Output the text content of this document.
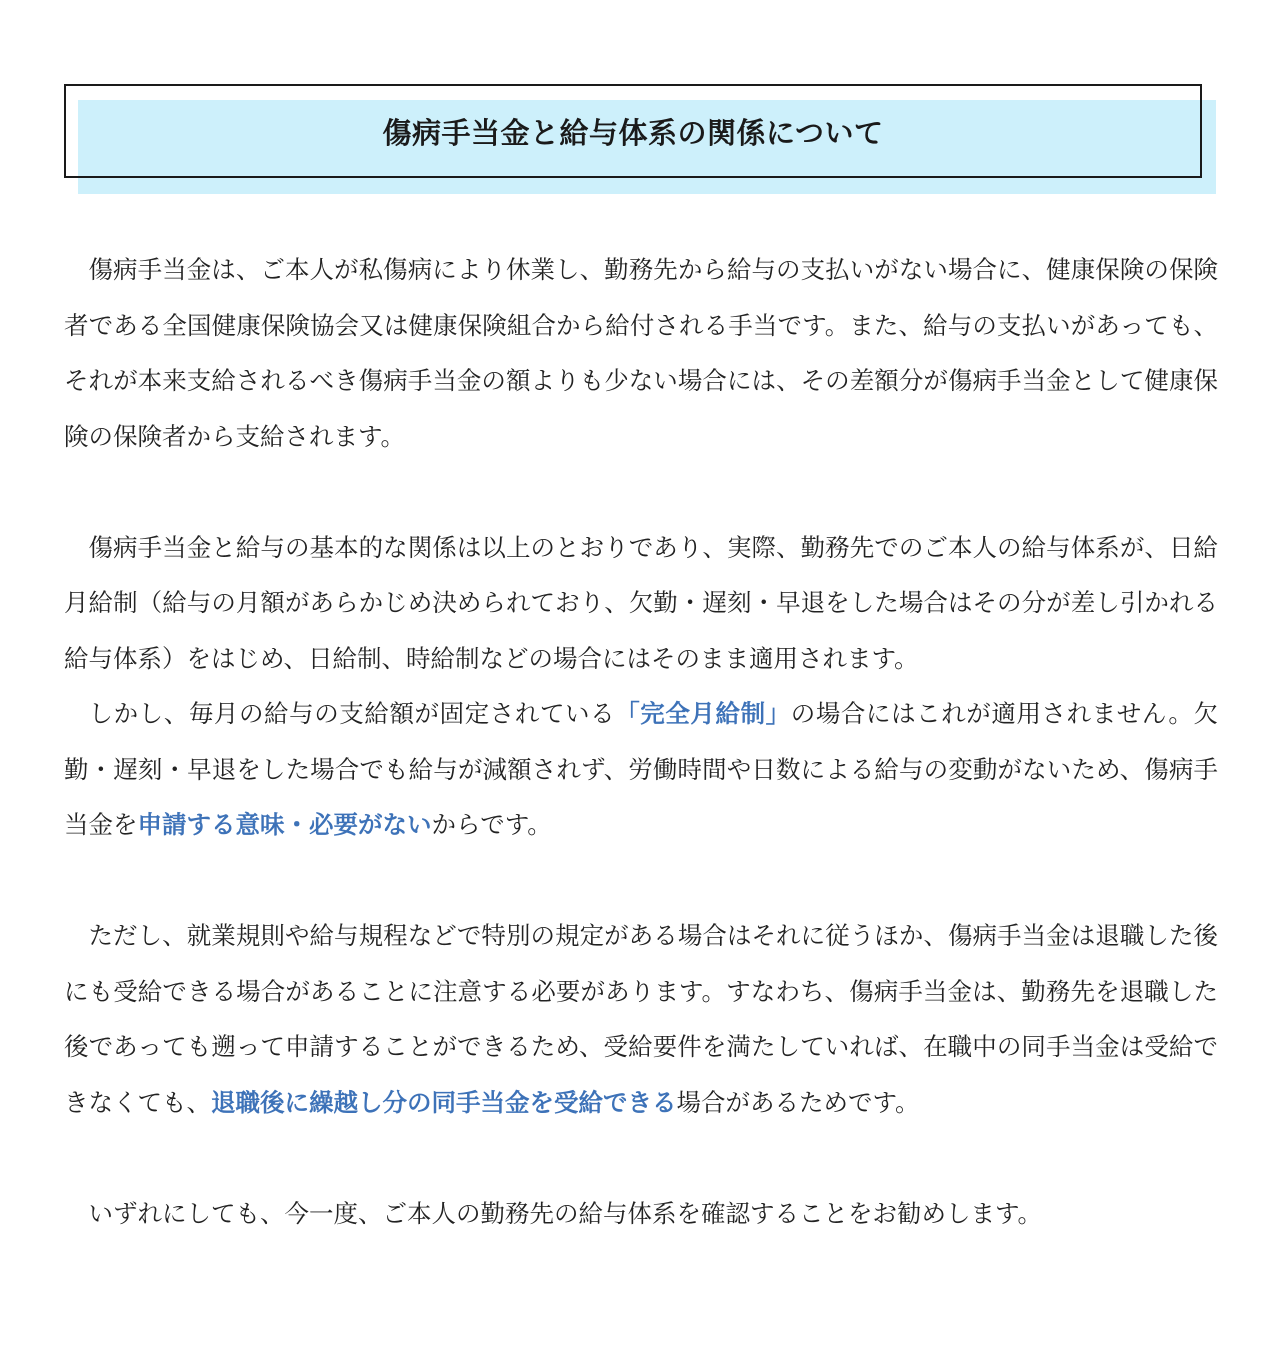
傷病手当金と給与体系の関係について

傷病手当金は、ご本人が私傷病により休業し、勤務先から給与の支払いがない場合に、健康保険の保険者である全国健康保険協会又は健康保険組合から給付される手当です。また、給与の支払いがあっても、それが本来支給されるべき傷病手当金の額よりも少ない場合には、その差額分が傷病手当金として健康保険の保険者から支給されます。

傷病手当金と給与の基本的な関係は以上のとおりであり、実際、勤務先でのご本人の給与体系が、日給月給制（給与の月額があらかじめ決められており、欠勤・遅刻・早退をした場合はその分が差し引かれる給与体系）をはじめ、日給制、時給制などの場合にはそのまま適用されます。

しかし、毎月の給与の支給額が固定されている「完全月給制」の場合にはこれが適用されません。欠勤・遅刻・早退をした場合でも給与が減額されず、労働時間や日数による給与の変動がないため、傷病手当金を申請する意味・必要がないからです。

ただし、就業規則や給与規程などで特別の規定がある場合はそれに従うほか、傷病手当金は退職した後にも受給できる場合があることに注意する必要があります。すなわち、傷病手当金は、勤務先を退職した後であっても遡って申請することができるため、受給要件を満たしていれば、在職中の同手当金は受給できなくても、退職後に繰越し分の同手当金を受給できる場合があるためです。

いずれにしても、今一度、ご本人の勤務先の給与体系を確認することをお勧めします。
